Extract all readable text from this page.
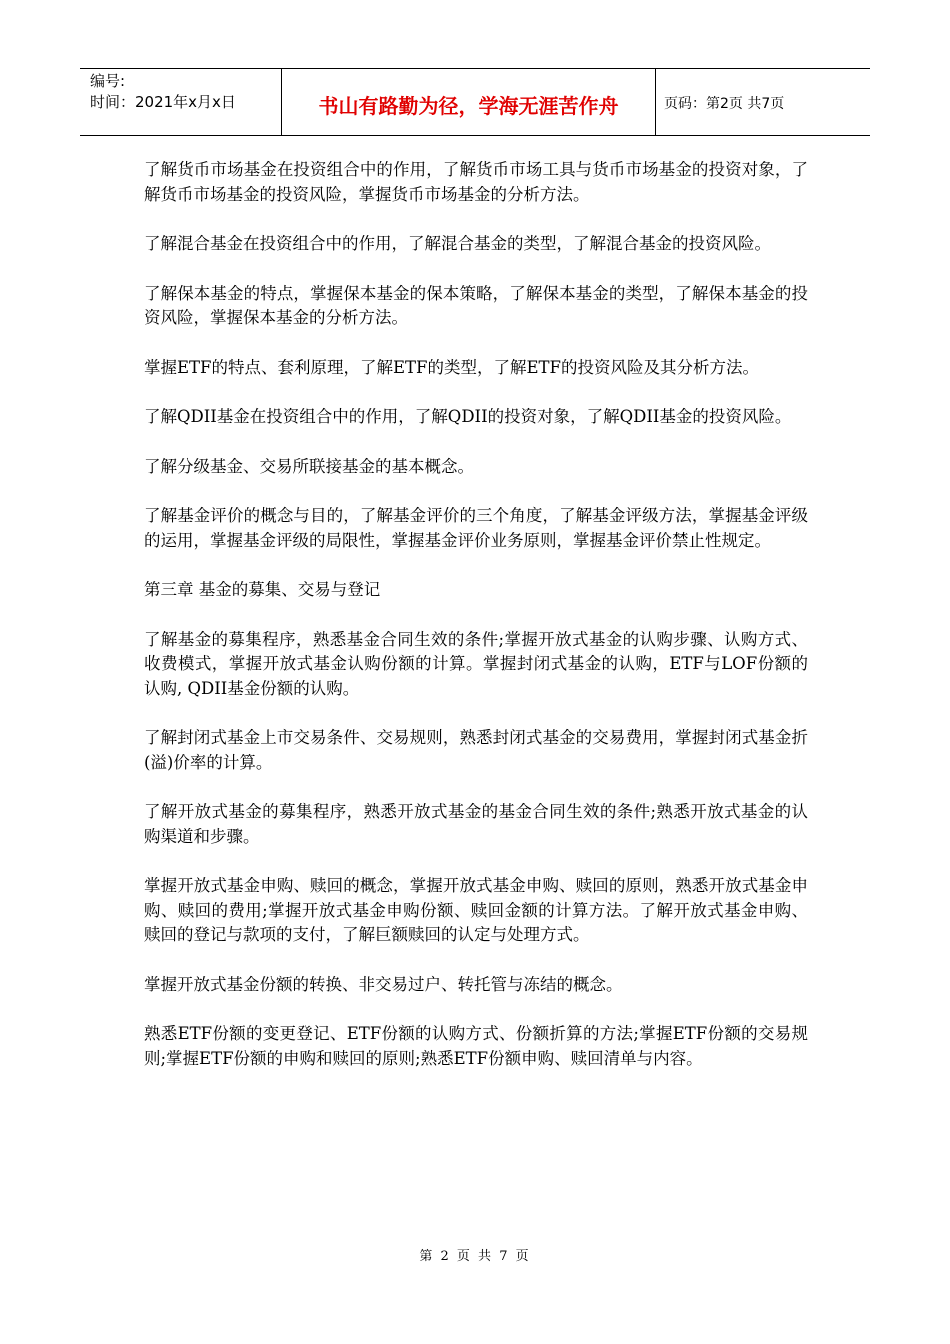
编号:
时间：2021年x月x日	书山有路勤为径，学海无涯苦作舟	页码：第2页 共7页

了解货币市场基金在投资组合中的作用，了解货币市场工具与货币市场基金的投资对象，了解货币市场基金的投资风险，掌握货币市场基金的分析方法。

了解混合基金在投资组合中的作用，了解混合基金的类型，了解混合基金的投资风险。

了解保本基金的特点，掌握保本基金的保本策略，了解保本基金的类型，了解保本基金的投资风险，掌握保本基金的分析方法。

掌握ETF的特点、套利原理，了解ETF的类型，了解ETF的投资风险及其分析方法。

了解QDII基金在投资组合中的作用，了解QDII的投资对象，了解QDII基金的投资风险。

了解分级基金、交易所联接基金的基本概念。

了解基金评价的概念与目的，了解基金评价的三个角度，了解基金评级方法，掌握基金评级的运用，掌握基金评级的局限性，掌握基金评价业务原则，掌握基金评价禁止性规定。

第三章 基金的募集、交易与登记

了解基金的募集程序，熟悉基金合同生效的条件;掌握开放式基金的认购步骤、认购方式、收费模式，掌握开放式基金认购份额的计算。掌握封闭式基金的认购，ETF与LOF份额的认购, QDII基金份额的认购。

了解封闭式基金上市交易条件、交易规则，熟悉封闭式基金的交易费用，掌握封闭式基金折(溢)价率的计算。

了解开放式基金的募集程序，熟悉开放式基金的基金合同生效的条件;熟悉开放式基金的认购渠道和步骤。

掌握开放式基金申购、赎回的概念，掌握开放式基金申购、赎回的原则，熟悉开放式基金申购、赎回的费用;掌握开放式基金申购份额、赎回金额的计算方法。了解开放式基金申购、赎回的登记与款项的支付，了解巨额赎回的认定与处理方式。

掌握开放式基金份额的转换、非交易过户、转托管与冻结的概念。

熟悉ETF份额的变更登记、ETF份额的认购方式、份额折算的方法;掌握ETF份额的交易规则;掌握ETF份额的申购和赎回的原则;熟悉ETF份额申购、赎回清单与内容。

第 2 页 共 7 页
